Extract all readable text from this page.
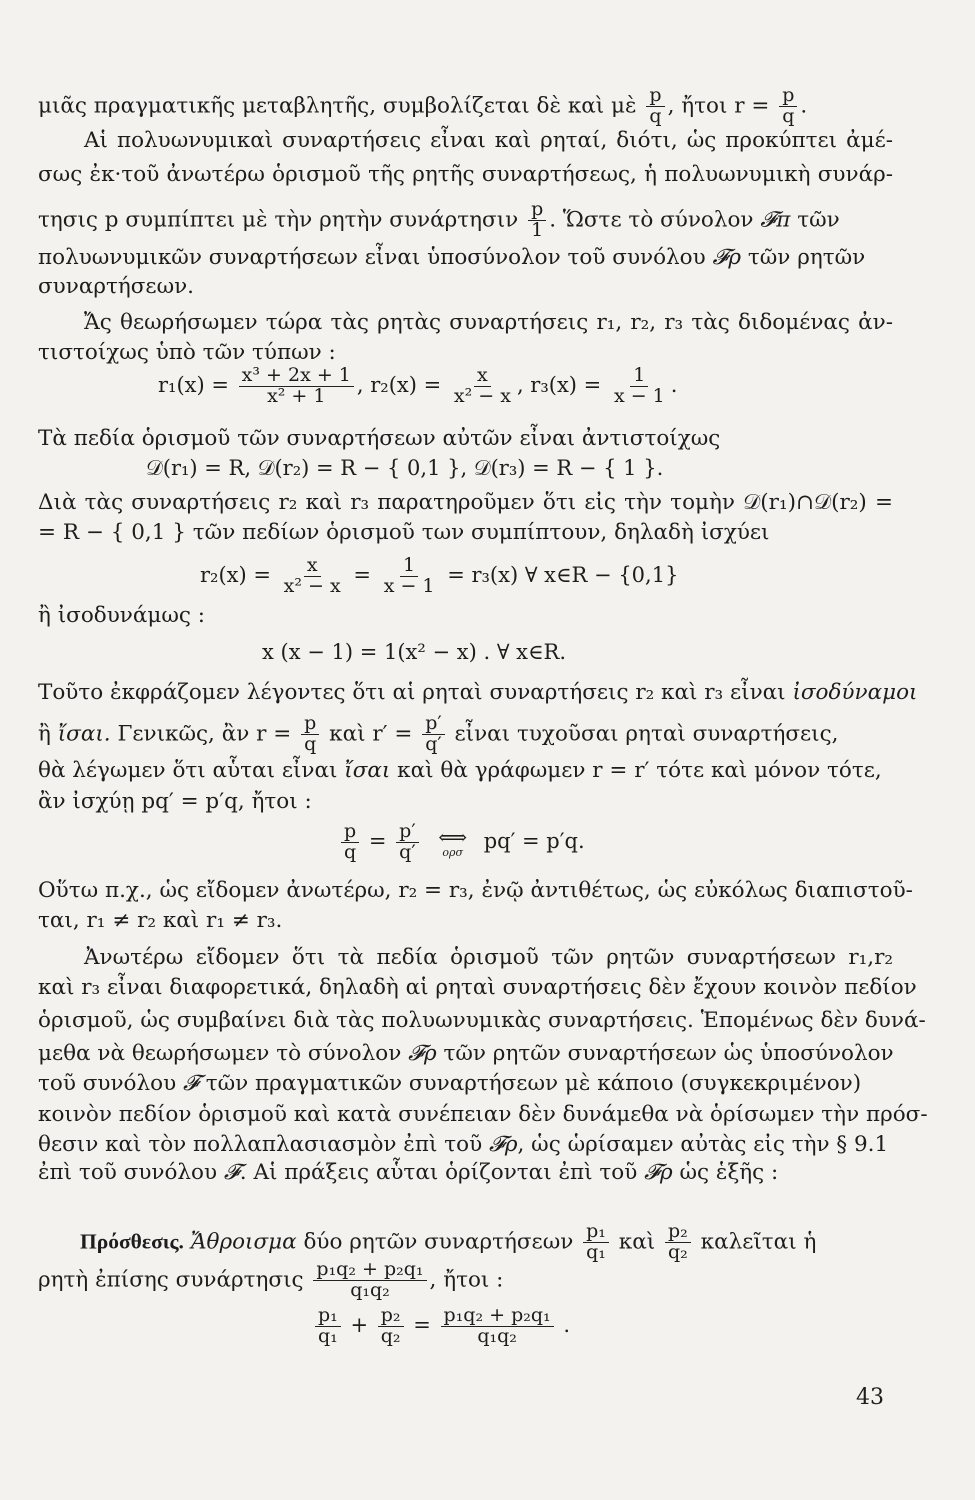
μιᾶς πραγματικῆς μεταβλητῆς, συμβολίζεται δὲ καὶ μὲ $\frac{p}{q}$ , ἤτοι $r = \frac{p}{q}$ .
Αἱ πολυωνυμικαὶ συναρτήσεις εἶναι καὶ ρηταί, διότι, ὡς προκύπτει ἀμέ-
σως ἐκ·τοῦ ἀνωτέρω ὁρισμοῦ τῆς ρητῆς συναρτήσεως, ἡ πολυωνυμικὴ συνάρ-
τησις p συμπίπτει μὲ τὴν ρητὴν συνάρτησιν $\frac{p}{1}$ . Ὥστε τὸ σύνολον 𝓕π τῶν
πολυωνυμικῶν συναρτήσεων εἶναι ὑποσύνολον τοῦ συνόλου 𝓕ρ τῶν ρητῶν
συναρτήσεων.
Ἄς θεωρήσωμεν τώρα τὰς ρητὰς συναρτήσεις r₁, r₂, r₃ τὰς διδομένας ἀν-
τιστοίχως ὑπὸ τῶν τύπων :
$r_1(x) = \frac{\text{x³ + 2x + 1}}{\text{x² + 1}}$ , $r_2(x) = \frac{x}{\text{x² − x}}$ , $r_3(x) = \frac{1}{x - 1}$ .
Τὰ πεδία ὁρισμοῦ τῶν συναρτήσεων αὐτῶν εἶναι ἀντιστοίχως
𝒟(r₁) = R, 𝒟(r₂) = R − { 0,1 }, 𝒟(r₃) = R − { 1 }.
Διὰ τὰς συναρτήσεις r₂ καὶ r₃ παρατηροῦμεν ὅτι εἰς τὴν τομὴν 𝒟(r₁)∩𝒟(r₂) =
= R − { 0,1 } τῶν πεδίων ὁρισμοῦ των συμπίπτουν, δηλαδὴ ἰσχύει
$r_2(x) = \frac{x}{\text{x² − x}} = \frac{1}{x - 1} = r_3(x)$ ∀ x∈R − {0,1}
ἢ ἰσοδυνάμως :
x (x − 1) = 1(x² − x) . ∀ x∈R.
Τοῦτο ἐκφράζομεν λέγοντες ὅτι αἱ ρηταὶ συναρτήσεις r₂ καὶ r₃ εἶναι ἰσοδύναμοι
ἢ ἴσαι. Γενικῶς, ἂν $r = \frac{p}{q}$ καὶ $r' = \frac{p'}{q'}$ εἶναι τυχοῦσαι ρηταὶ συναρτήσεις,
θὰ λέγωμεν ὅτι αὗται εἶναι ἴσαι καὶ θὰ γράφωμεν r = r′ τότε καὶ μόνον τότε,
ἂν ἰσχύῃ pq′ = p′q, ἤτοι :
$\frac{p}{q} = \frac{p'}{q'}$
⟺
ορσ pq′ = p′q.
Οὕτω π.χ., ὡς εἴδομεν ἀνωτέρω, r₂ = r₃, ἐνῷ ἀντιθέτως, ὡς εὐκόλως διαπιστοῦ-
ται, r₁ ≠ r₂ καὶ r₁ ≠ r₃.
Ἀνωτέρω εἴδομεν ὅτι τὰ πεδία ὁρισμοῦ τῶν ρητῶν συναρτήσεων r₁,r₂
καὶ r₃ εἶναι διαφορετικά, δηλαδὴ αἱ ρηταὶ συναρτήσεις δὲν ἔχουν κοινὸν πεδίον
ὁρισμοῦ, ὡς συμβαίνει διὰ τὰς πολυωνυμικὰς συναρτήσεις. Ἑπομένως δὲν δυνά-
μεθα νὰ θεωρήσωμεν τὸ σύνολον 𝓕ρ τῶν ρητῶν συναρτήσεων ὡς ὑποσύνολον
τοῦ συνόλου 𝓕 τῶν πραγματικῶν συναρτήσεων μὲ κάποιο (συγκεκριμένον)
κοινὸν πεδίον ὁρισμοῦ καὶ κατὰ συνέπειαν δὲν δυνάμεθα νὰ ὁρίσωμεν τὴν πρόσ-
θεσιν καὶ τὸν πολλαπλασιασμὸν ἐπὶ τοῦ 𝓕ρ, ὡς ὡρίσαμεν αὐτὰς εἰς τὴν § 9.1
ἐπὶ τοῦ συνόλου 𝓕. Αἱ πράξεις αὗται ὁρίζονται ἐπὶ τοῦ 𝓕ρ ὡς ἑξῆς :
Πρόσθεσις. Ἄθροισμα δύο ρητῶν συναρτήσεων $\frac{\text{p₁}}{\text{q₁}}$ καὶ $\frac{\text{p₂}}{\text{q₂}}$ καλεῖται ἡ
ρητὴ ἐπίσης συνάρτησις $\frac{\text{p₁q₂ + p₂q₁}}{\text{q₁q₂}}$ , ἤτοι :
$\frac{\text{p₁}}{\text{q₁}} + \frac{\text{p₂}}{\text{q₂}} = \frac{\text{p₁q₂ + p₂q₁}}{\text{q₁q₂}}$ .
43
